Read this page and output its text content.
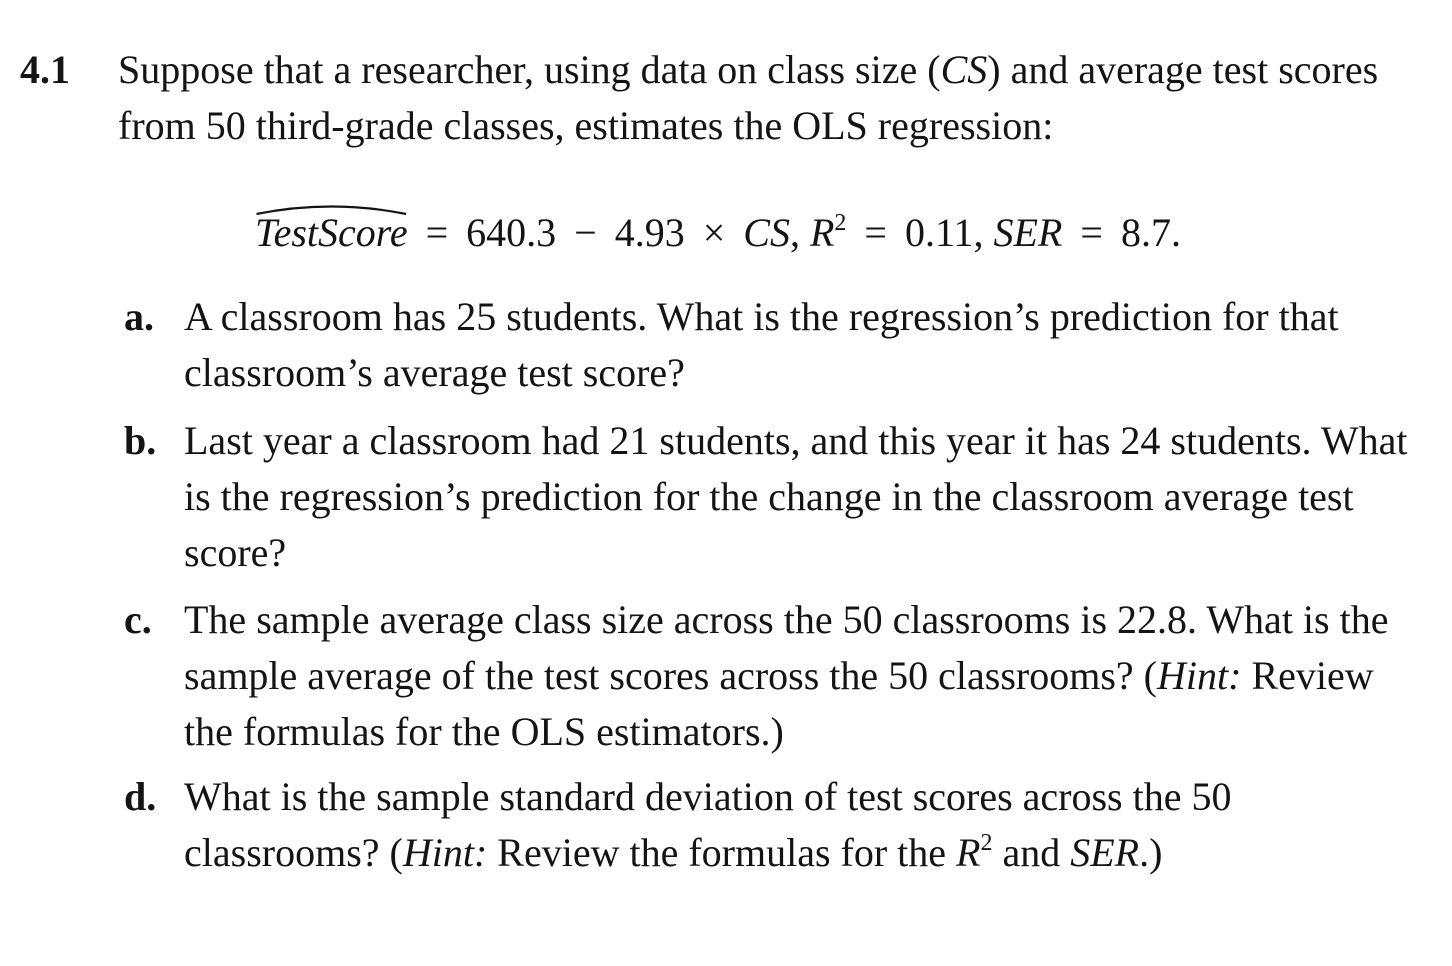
4.1 Suppose that a researcher, using data on class size (CS) and average test scores from 50 third-grade classes, estimates the OLS regression:
TestScore = 640.3 − 4.93 × CS, $R^2 = 0.11$, SER = 8.7.
a. A classroom has 25 students. What is the regression’s prediction for that classroom’s average test score?
b. Last year a classroom had 21 students, and this year it has 24 students. What is the regression’s prediction for the change in the classroom average test score?
c. The sample average class size across the 50 classrooms is 22.8. What is the sample average of the test scores across the 50 classrooms? (Hint: Review the formulas for the OLS estimators.)
d. What is the sample standard deviation of test scores across the 50 classrooms? (Hint: Review the formulas for the $R^2$ and SER.)
